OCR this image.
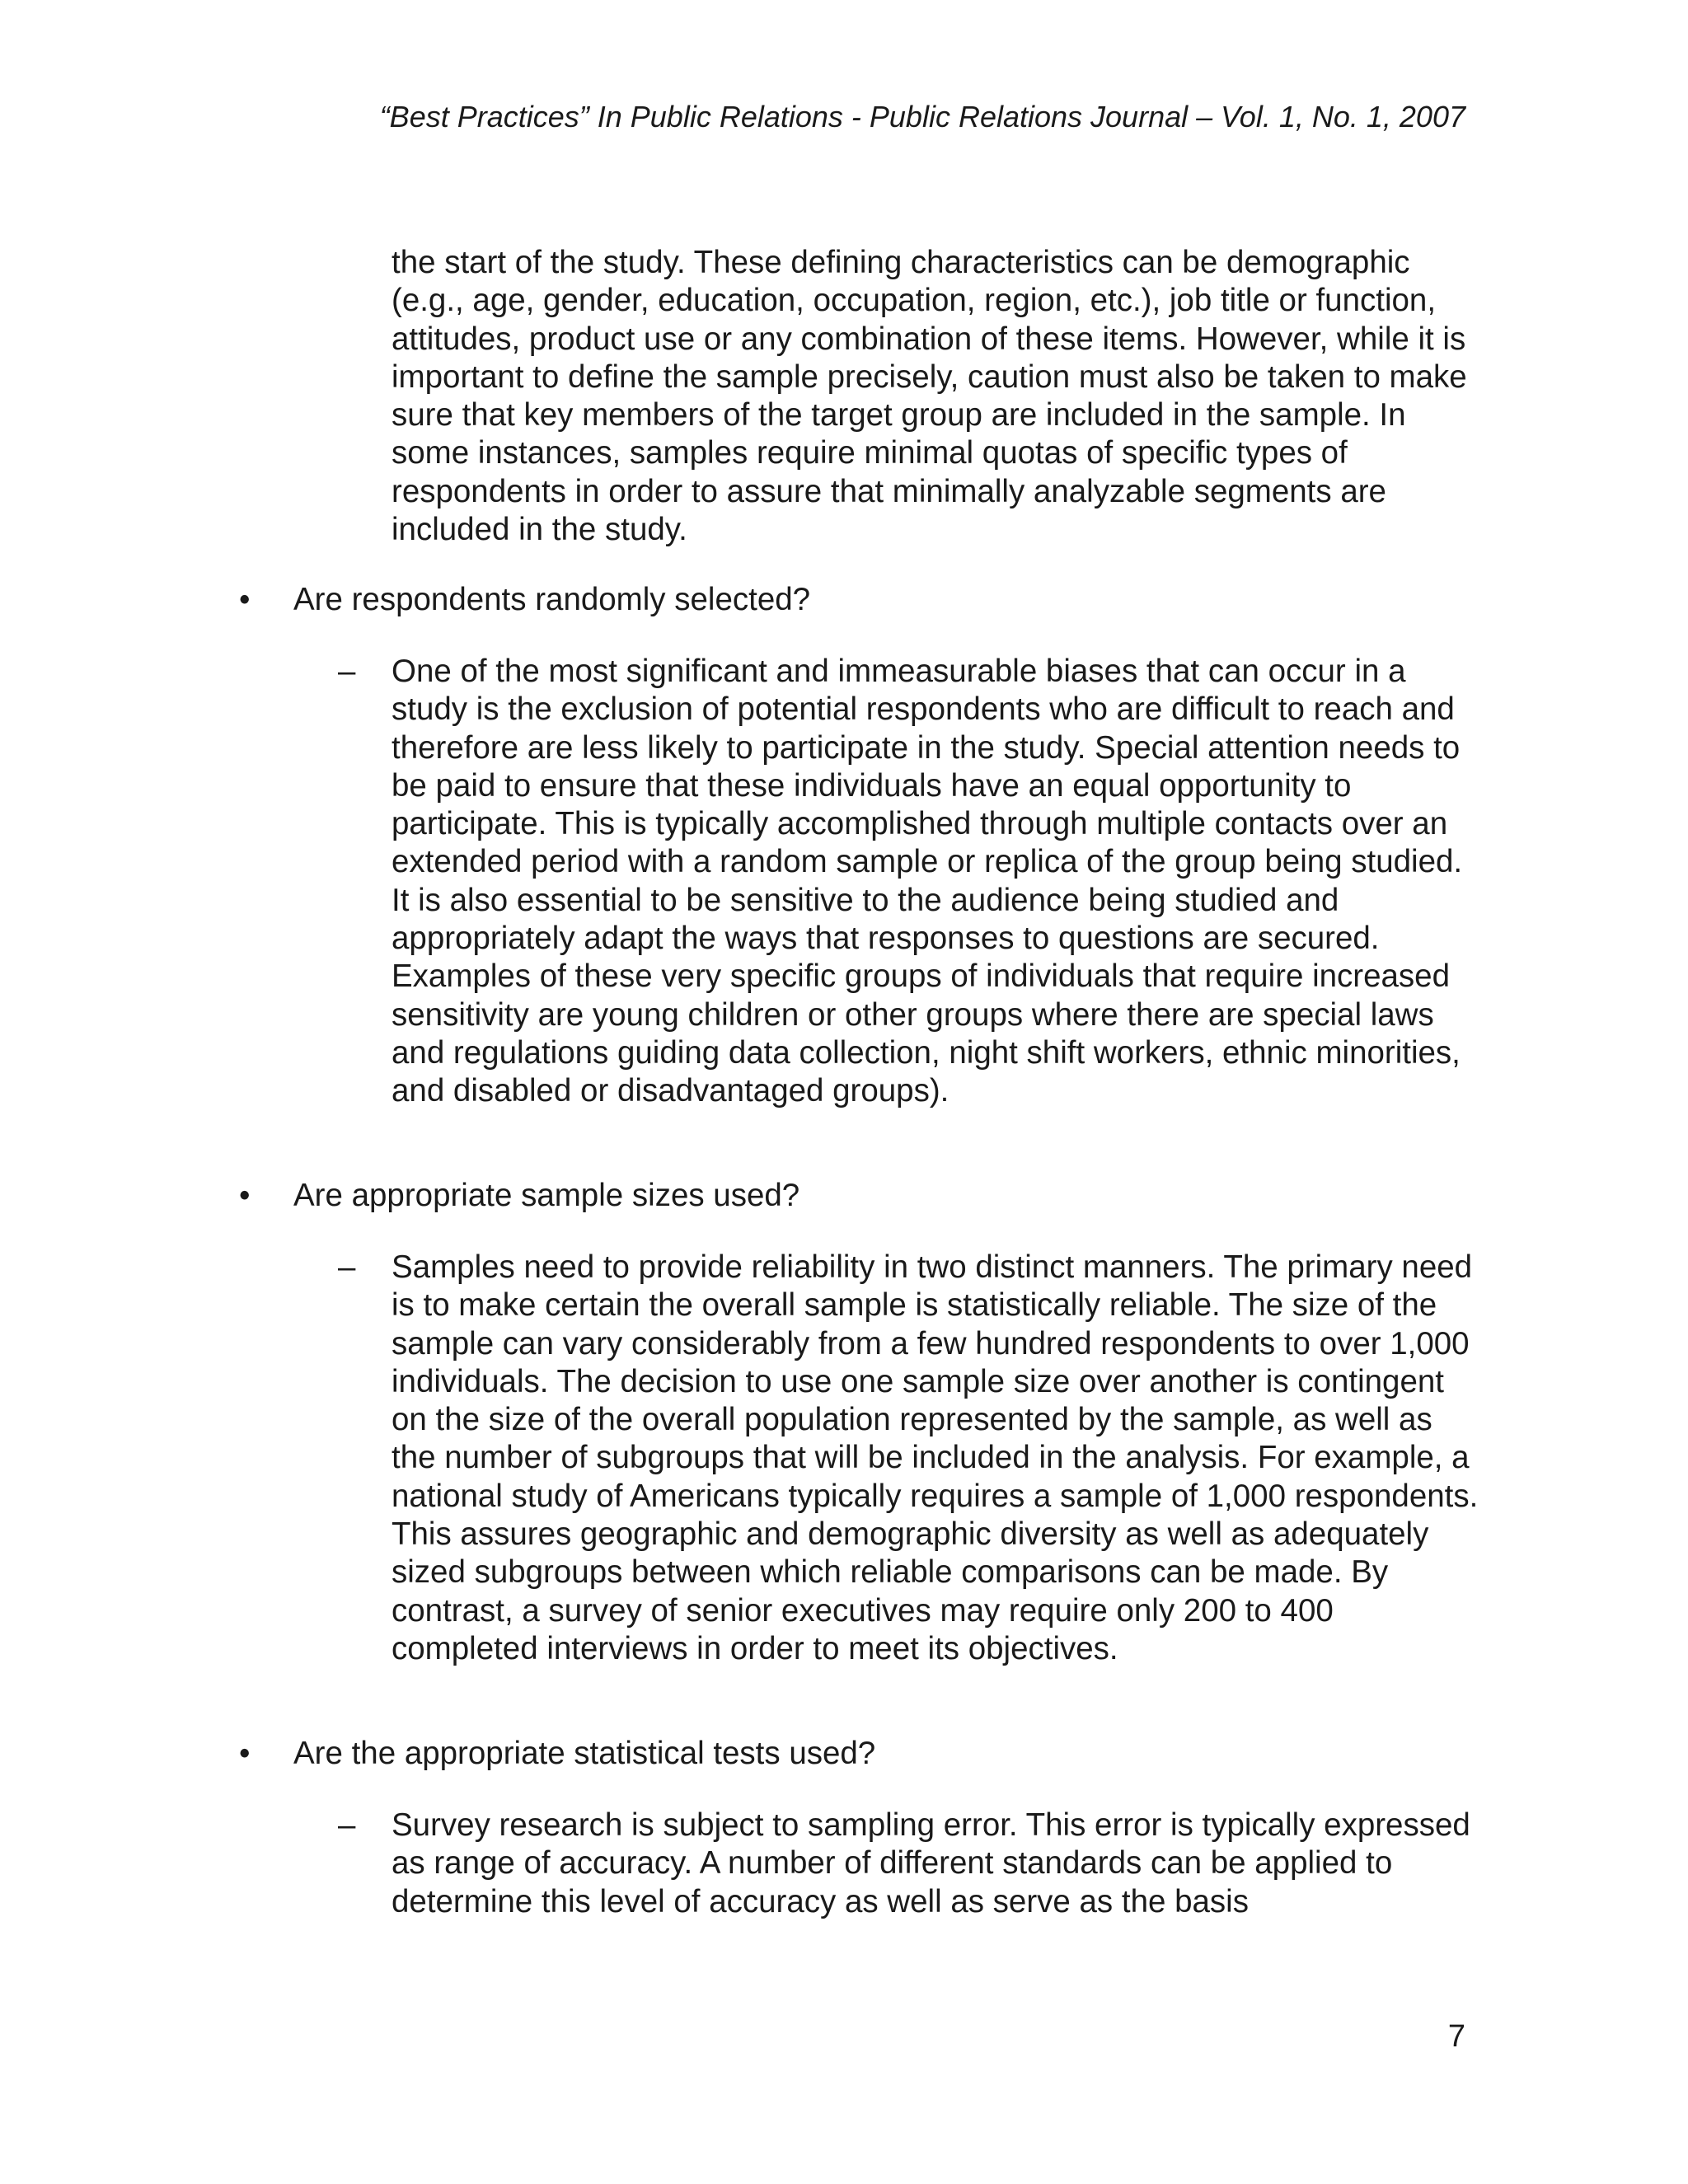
“Best Practices” In Public Relations - Public Relations Journal – Vol. 1, No. 1, 2007

the start of the study. These defining characteristics can be demographic (e.g., age, gender, education, occupation, region, etc.), job title or function, attitudes, product use or any combination of these items. However, while it is important to define the sample precisely, caution must also be taken to make sure that key members of the target group are included in the sample. In some instances, samples require minimal quotas of specific types of respondents in order to assure that minimally analyzable segments are included in the study.

• Are respondents randomly selected?
– One of the most significant and immeasurable biases that can occur in a study is the exclusion of potential respondents who are difficult to reach and therefore are less likely to participate in the study. Special attention needs to be paid to ensure that these individuals have an equal opportunity to participate. This is typically accomplished through multiple contacts over an extended period with a random sample or replica of the group being studied. It is also essential to be sensitive to the audience being studied and appropriately adapt the ways that responses to questions are secured. Examples of these very specific groups of individuals that require increased sensitivity are young children or other groups where there are special laws and regulations guiding data collection, night shift workers, ethnic minorities, and disabled or disadvantaged groups).

• Are appropriate sample sizes used?
– Samples need to provide reliability in two distinct manners. The primary need is to make certain the overall sample is statistically reliable. The size of the sample can vary considerably from a few hundred respondents to over 1,000 individuals. The decision to use one sample size over another is contingent on the size of the overall population represented by the sample, as well as the number of subgroups that will be included in the analysis. For example, a national study of Americans typically requires a sample of 1,000 respondents. This assures geographic and demographic diversity as well as adequately sized subgroups between which reliable comparisons can be made. By contrast, a survey of senior executives may require only 200 to 400 completed interviews in order to meet its objectives.

• Are the appropriate statistical tests used?
– Survey research is subject to sampling error. This error is typically expressed as range of accuracy. A number of different standards can be applied to determine this level of accuracy as well as serve as the basis

7
